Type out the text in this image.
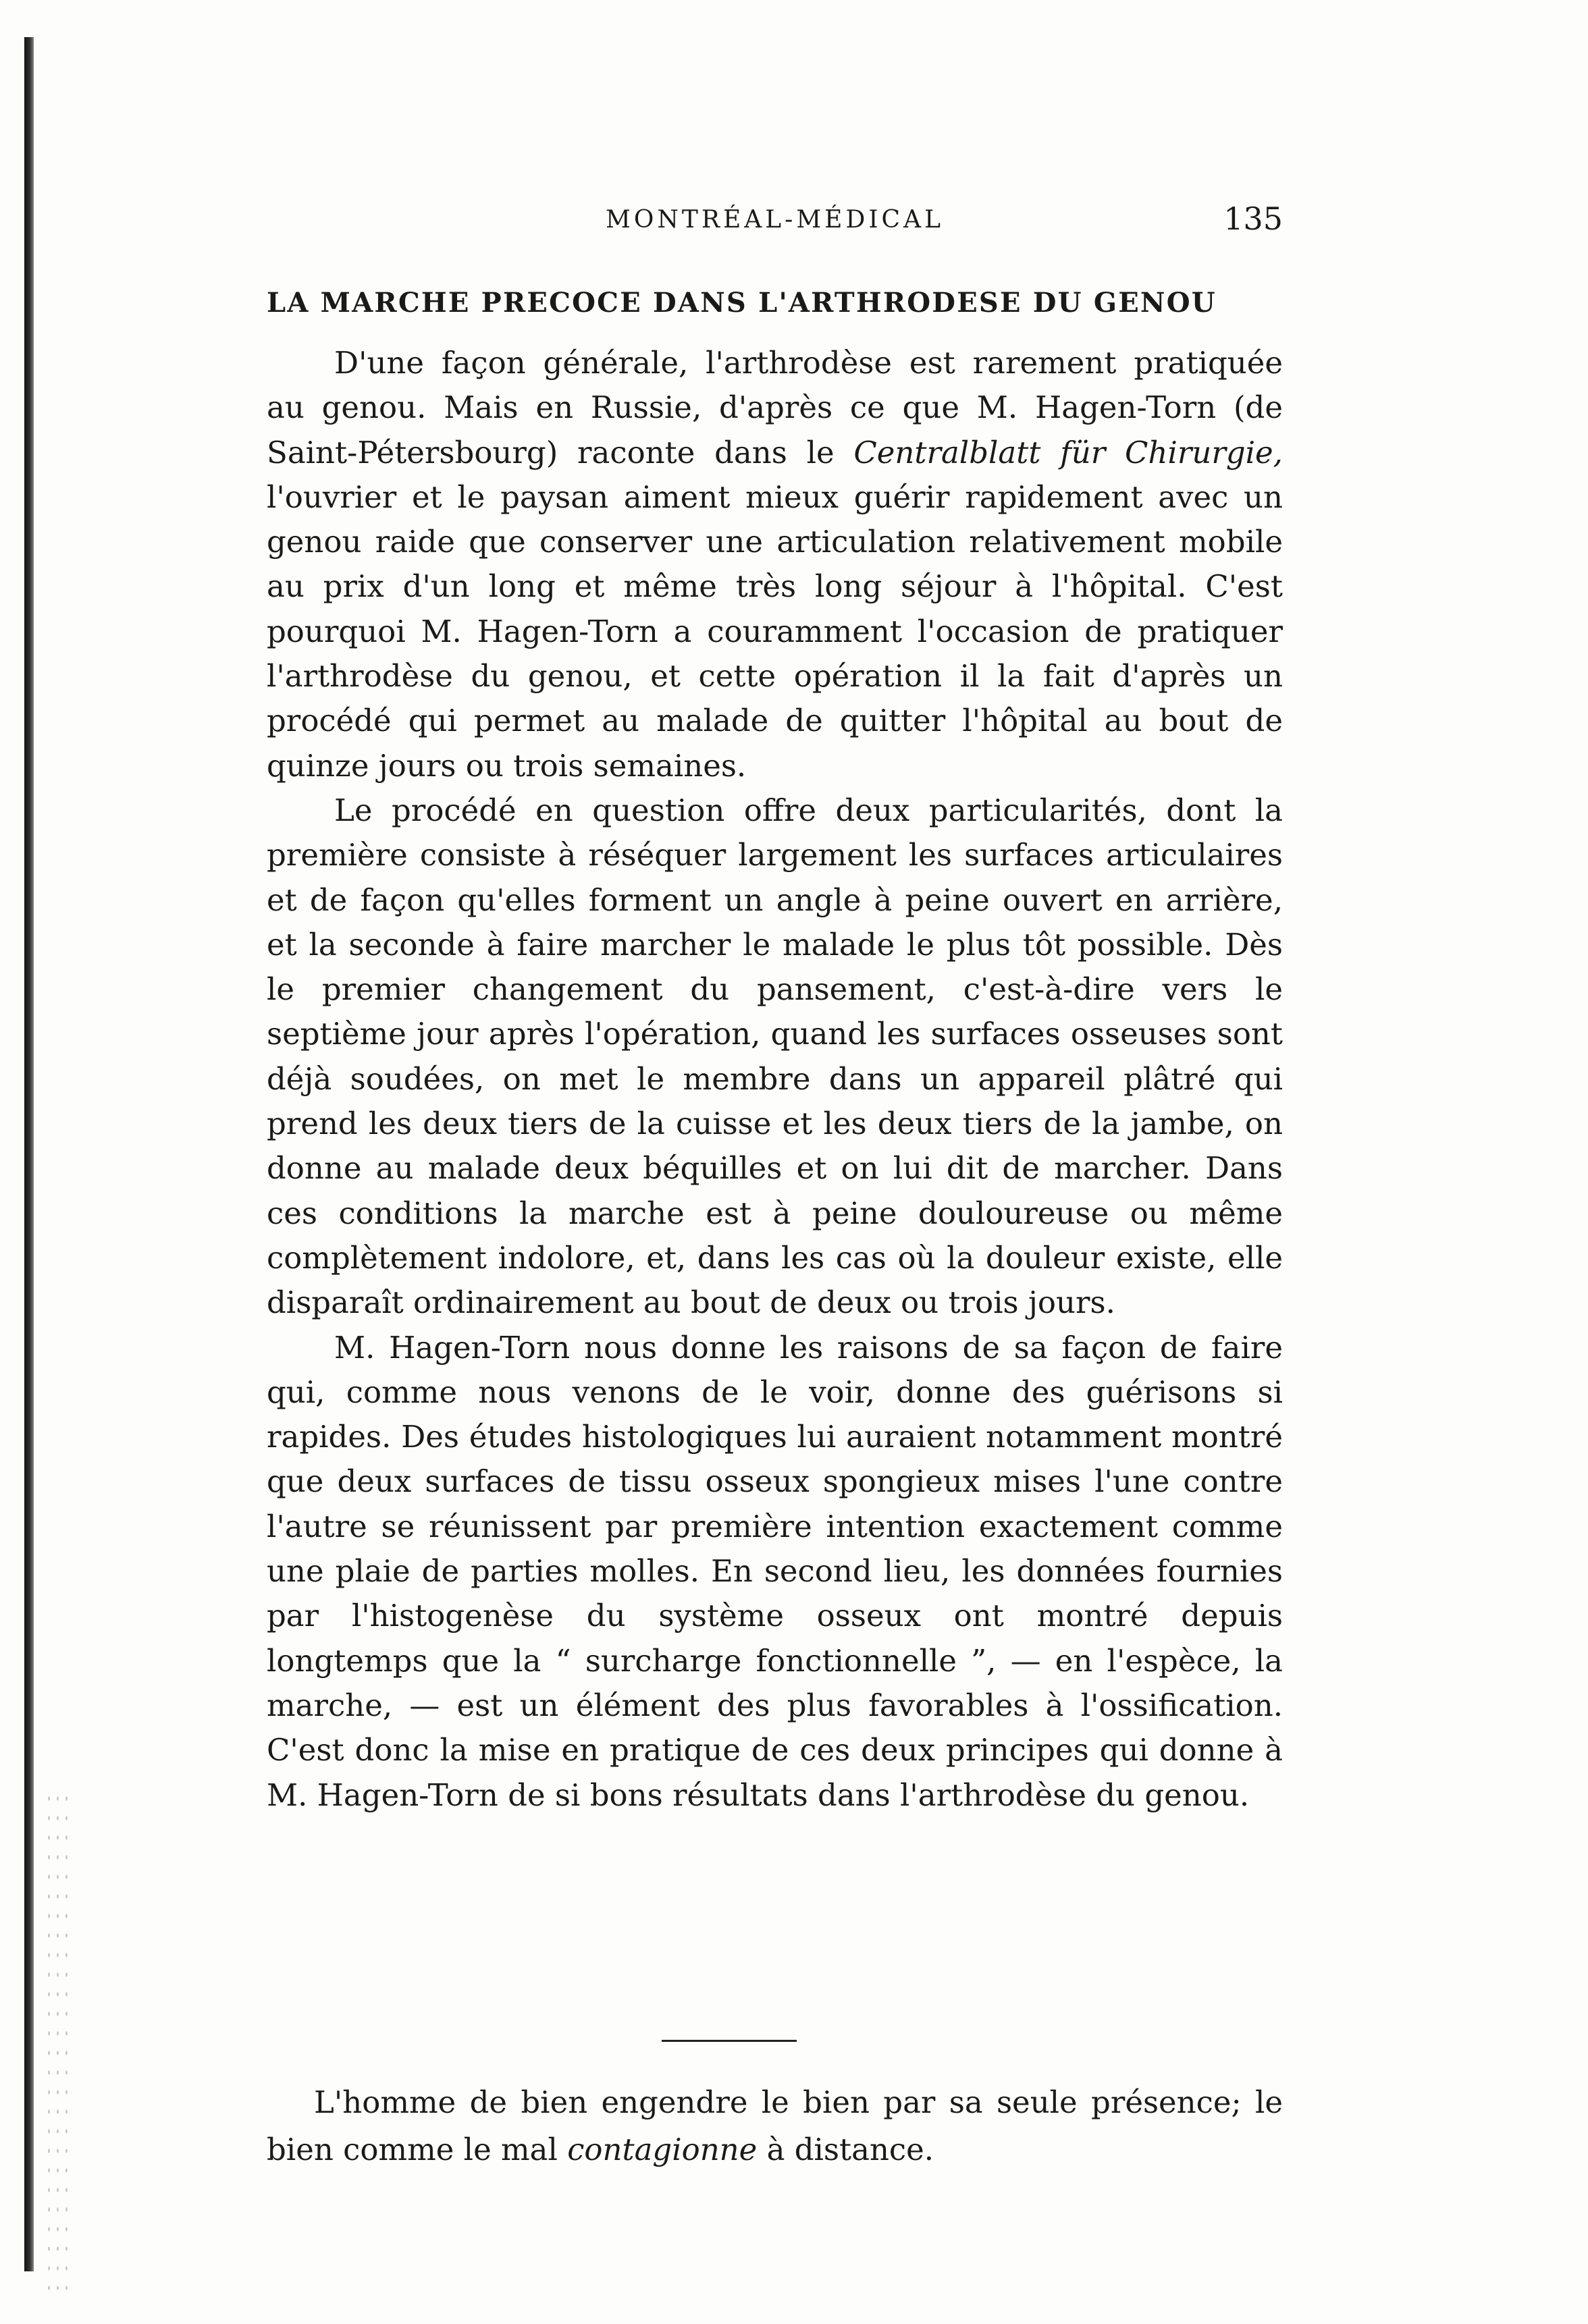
MONTRÉAL-MÉDICAL	135
LA MARCHE PRECOCE DANS L'ARTHRODESE DU GENOU

D'une façon générale, l'arthrodèse est rarement pratiquée au genou. Mais en Russie, d'après ce que M. Hagen-Torn (de Saint-Pétersbourg) raconte dans le Centralblatt für Chirurgie, l'ouvrier et le paysan aiment mieux guérir rapidement avec un genou raide que conserver une articulation relativement mobile au prix d'un long et même très long séjour à l'hôpital. C'est pourquoi M. Hagen-Torn a couramment l'occasion de pratiquer l'arthrodèse du genou, et cette opération il la fait d'après un procédé qui permet au malade de quitter l'hôpital au bout de quinze jours ou trois semaines.

Le procédé en question offre deux particularités, dont la première consiste à réséquer largement les surfaces articulaires et de façon qu'elles forment un angle à peine ouvert en arrière, et la seconde à faire marcher le malade le plus tôt possible. Dès le premier changement du pansement, c'est-à-dire vers le septième jour après l'opération, quand les surfaces osseuses sont déjà soudées, on met le membre dans un appareil plâtré qui prend les deux tiers de la cuisse et les deux tiers de la jambe, on donne au malade deux béquilles et on lui dit de marcher. Dans ces conditions la marche est à peine douloureuse ou même complètement indolore, et, dans les cas où la douleur existe, elle disparaît ordinairement au bout de deux ou trois jours.

M. Hagen-Torn nous donne les raisons de sa façon de faire qui, comme nous venons de le voir, donne des guérisons si rapides. Des études histologiques lui auraient notamment montré que deux surfaces de tissu osseux spongieux mises l'une contre l'autre se réunissent par première intention exactement comme une plaie de parties molles. En second lieu, les données fournies par l'histogenèse du système osseux ont montré depuis longtemps que la “ surcharge fonctionnelle ”, — en l'espèce, la marche, — est un élément des plus favorables à l'ossification. C'est donc la mise en pratique de ces deux principes qui donne à M. Hagen-Torn de si bons résultats dans l'arthrodèse du genou.

L'homme de bien engendre le bien par sa seule présence; le bien comme le mal contagionne à distance.
